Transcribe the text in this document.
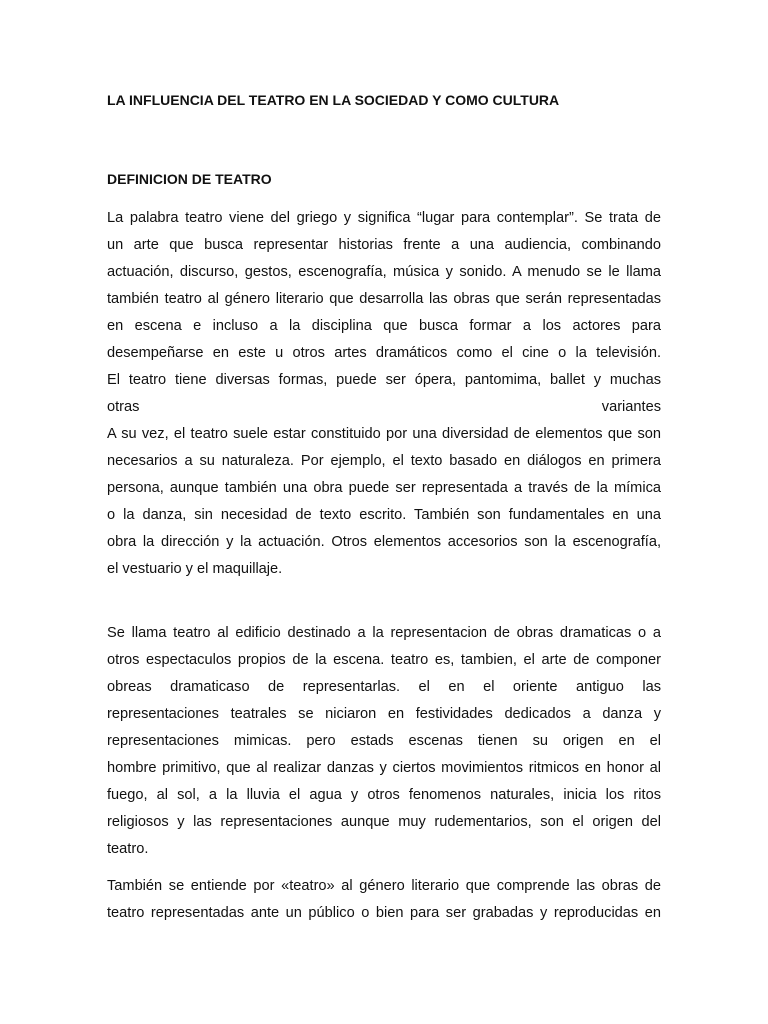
LA INFLUENCIA DEL TEATRO EN LA SOCIEDAD Y COMO CULTURA
DEFINICION DE TEATRO
La palabra teatro viene del griego y significa “lugar para contemplar”. Se trata de
un arte que busca representar historias frente a una audiencia, combinando
actuación, discurso, gestos, escenografía, música y sonido. A menudo se le llama
también teatro al género literario que desarrolla las obras que serán representadas
en escena e incluso a la disciplina que busca formar a los actores para
desempeñarse en este u otros artes dramáticos como el cine o la televisión.
El teatro tiene diversas formas, puede ser ópera, pantomima, ballet y muchas
otras variantes
A su vez, el teatro suele estar constituido por una diversidad de elementos que son
necesarios a su naturaleza. Por ejemplo, el texto basado en diálogos en primera
persona, aunque también una obra puede ser representada a través de la mímica
o la danza, sin necesidad de texto escrito. También son fundamentales en una
obra la dirección y la actuación. Otros elementos accesorios son la escenografía,
el vestuario y el maquillaje.
Se llama teatro al edificio destinado a la representacion de obras dramaticas o a
otros espectaculos propios de la escena. teatro es, tambien, el arte de componer
obreas dramaticaso de representarlas. el en el oriente antiguo las
representaciones teatrales se niciaron en festividades dedicados a danza y
representaciones mimicas. pero estads escenas tienen su origen en el
hombre primitivo, que al realizar danzas y ciertos movimientos ritmicos en honor al
fuego, al sol, a la lluvia el agua y otros fenomenos naturales, inicia los ritos
religiosos y las representaciones aunque muy rudementarios, son el origen del
teatro.
También se entiende por «teatro» al género literario que comprende las obras de
teatro representadas ante un público o bien para ser grabadas y reproducidas en
